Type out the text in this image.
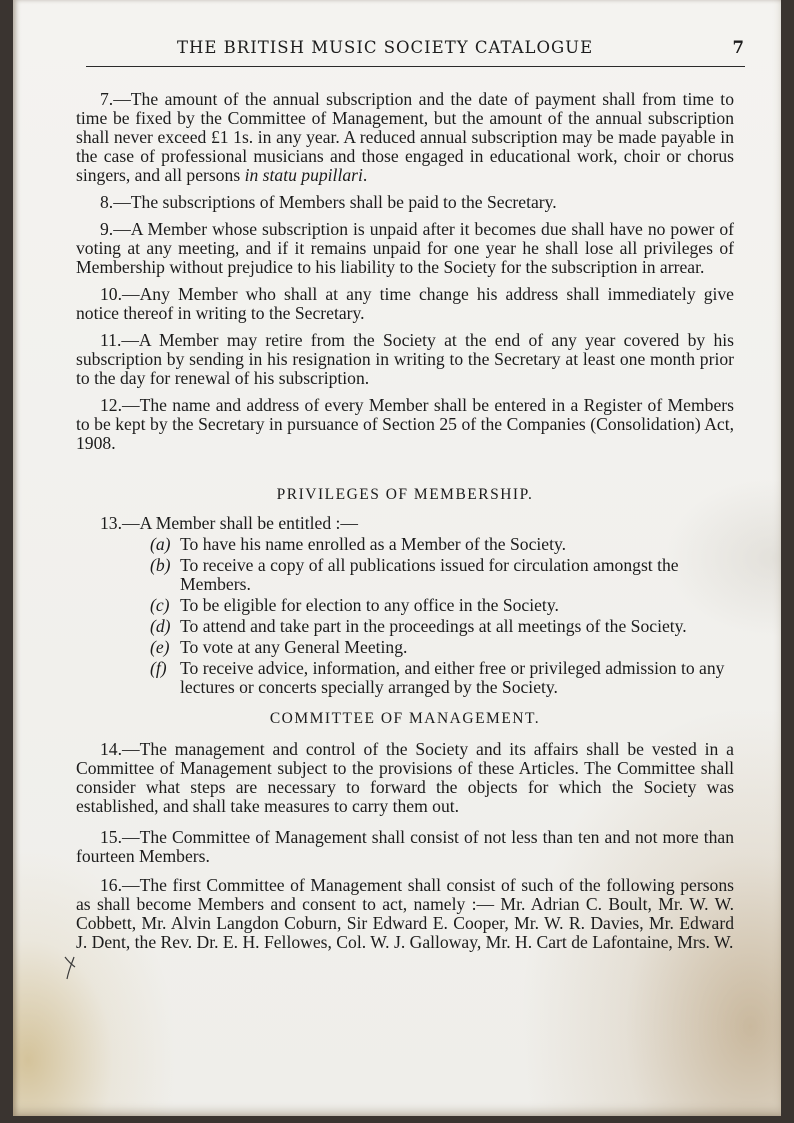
THE BRITISH MUSIC SOCIETY CATALOGUE	7

7.—The amount of the annual subscription and the date of payment shall from time to time be fixed by the Committee of Management, but the amount of the annual subscription shall never exceed £1 1s. in any year. A reduced annual subscription may be made payable in the case of professional musicians and those engaged in educational work, choir or chorus singers, and all persons in statu pupillari.

8.—The subscriptions of Members shall be paid to the Secretary.

9.—A Member whose subscription is unpaid after it becomes due shall have no power of voting at any meeting, and if it remains unpaid for one year he shall lose all privileges of Membership without prejudice to his liability to the Society for the subscription in arrear.

10.—Any Member who shall at any time change his address shall immediately give notice thereof in writing to the Secretary.

11.—A Member may retire from the Society at the end of any year covered by his subscription by sending in his resignation in writing to the Secretary at least one month prior to the day for renewal of his subscription.

12.—The name and address of every Member shall be entered in a Register of Members to be kept by the Secretary in pursuance of Section 25 of the Companies (Consolidation) Act, 1908.

PRIVILEGES OF MEMBERSHIP.

13.—A Member shall be entitled :—

(a) To have his name enrolled as a Member of the Society.
(b) To receive a copy of all publications issued for circulation amongst the Members.
(c) To be eligible for election to any office in the Society.
(d) To attend and take part in the proceedings at all meetings of the Society.
(e) To vote at any General Meeting.
(f) To receive advice, information, and either free or privileged admission to any lectures or concerts specially arranged by the Society.

COMMITTEE OF MANAGEMENT.

14.—The management and control of the Society and its affairs shall be vested in a Committee of Management subject to the provisions of these Articles. The Committee shall consider what steps are necessary to forward the objects for which the Society was established, and shall take measures to carry them out.

15.—The Committee of Management shall consist of not less than ten and not more than fourteen Members.

16.—The first Committee of Management shall consist of such of the following persons as shall become Members and consent to act, namely :— Mr. Adrian C. Boult, Mr. W. W. Cobbett, Mr. Alvin Langdon Coburn, Sir Edward E. Cooper, Mr. W. R. Davies, Mr. Edward J. Dent, the Rev. Dr. E. H. Fellowes, Col. W. J. Galloway, Mr. H. Cart de Lafontaine, Mrs. W.
